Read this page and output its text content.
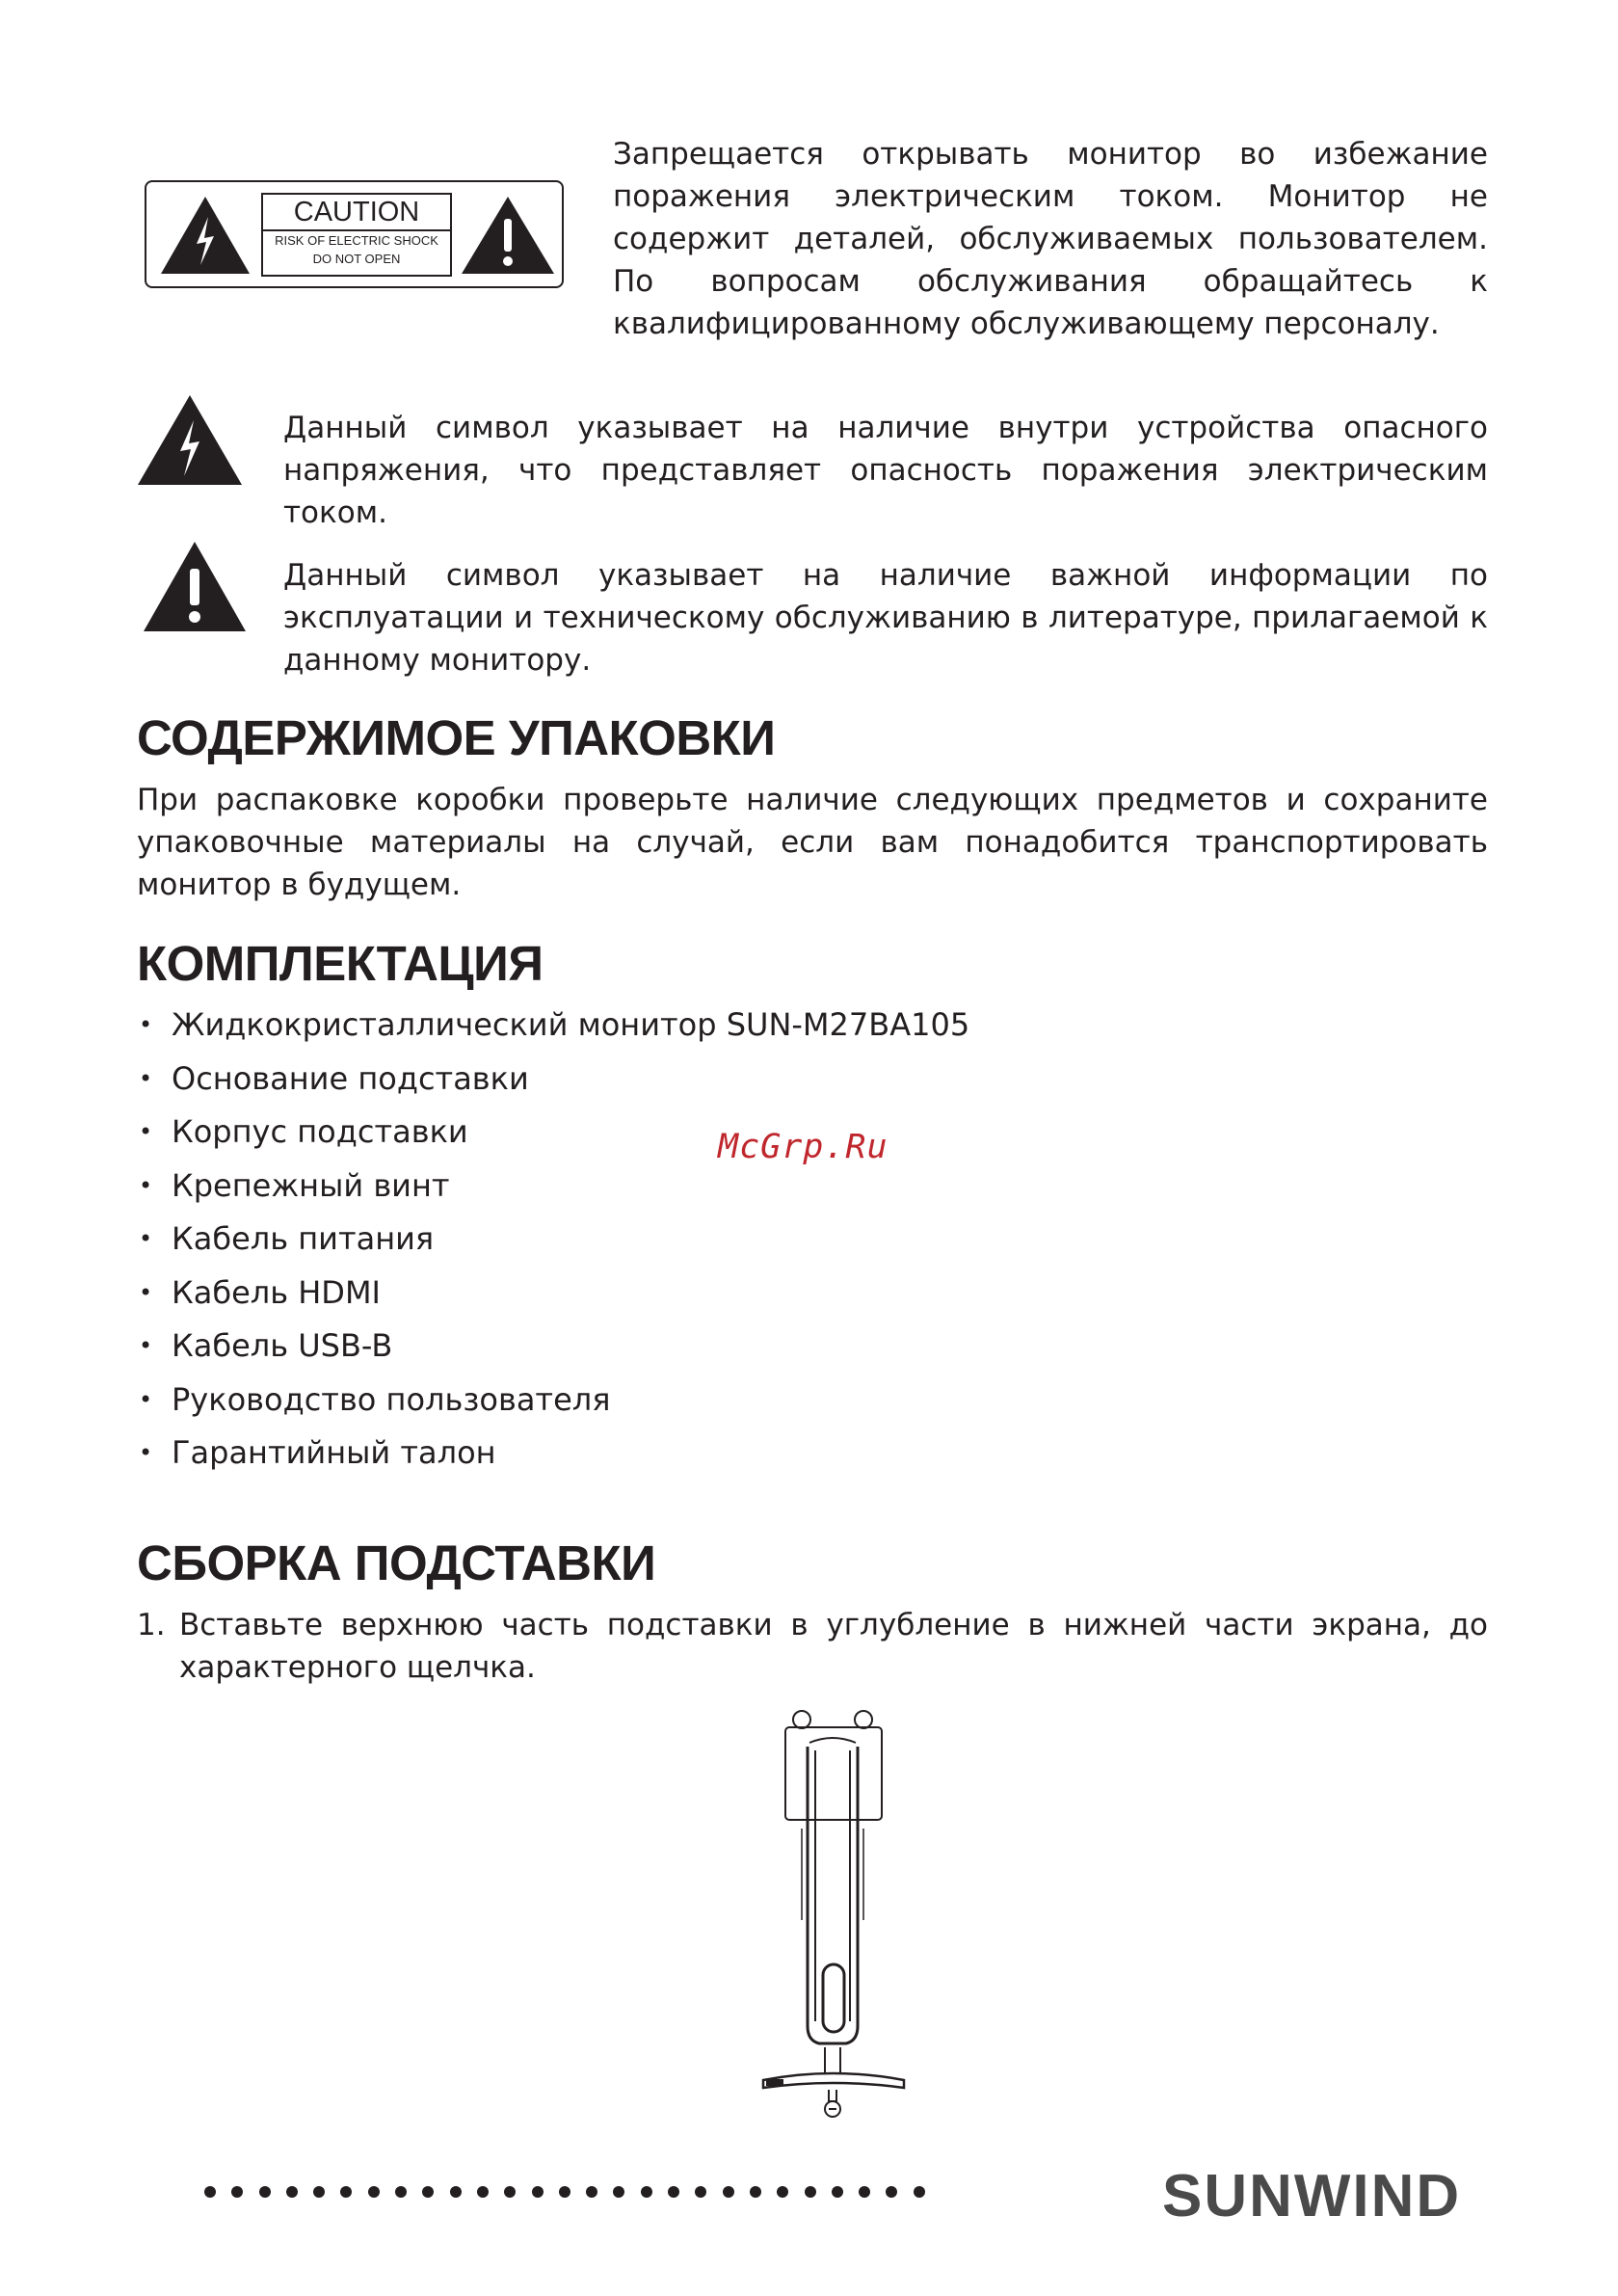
CAUTION
RISK OF ELECTRIC SHOCK
DO NOT OPEN

Запрещается открывать монитор во избежание поражения электрическим током. Монитор не содержит деталей, обслуживаемых пользователем. По вопросам обслуживания обращайтесь к квалифицированному обслуживающему персоналу.

Данный символ указывает на наличие внутри устройства опасного напряжения, что представляет опасность поражения электрическим током.

Данный символ указывает на наличие важной информации по эксплуатации и техническому обслуживанию в литературе, прилагаемой к данному монитору.

СОДЕРЖИМОЕ УПАКОВКИ

При распаковке коробки проверьте наличие следующих предметов и сохраните упаковочные материалы на случай, если вам понадобится транспортировать монитор в будущем.

КОМПЛЕКТАЦИЯ
• Жидкокристаллический монитор SUN-M27BA105
• Основание подставки
• Корпус подставки
• Крепежный винт
• Кабель питания
• Кабель HDMI
• Кабель USB-B
• Руководство пользователя
• Гарантийный талон
McGrp.Ru
СБОРКА ПОДСТАВКИ
1. Вставьте верхнюю часть подставки в углубление в нижней части экрана, до характерного щелчка.

SUNWIND
